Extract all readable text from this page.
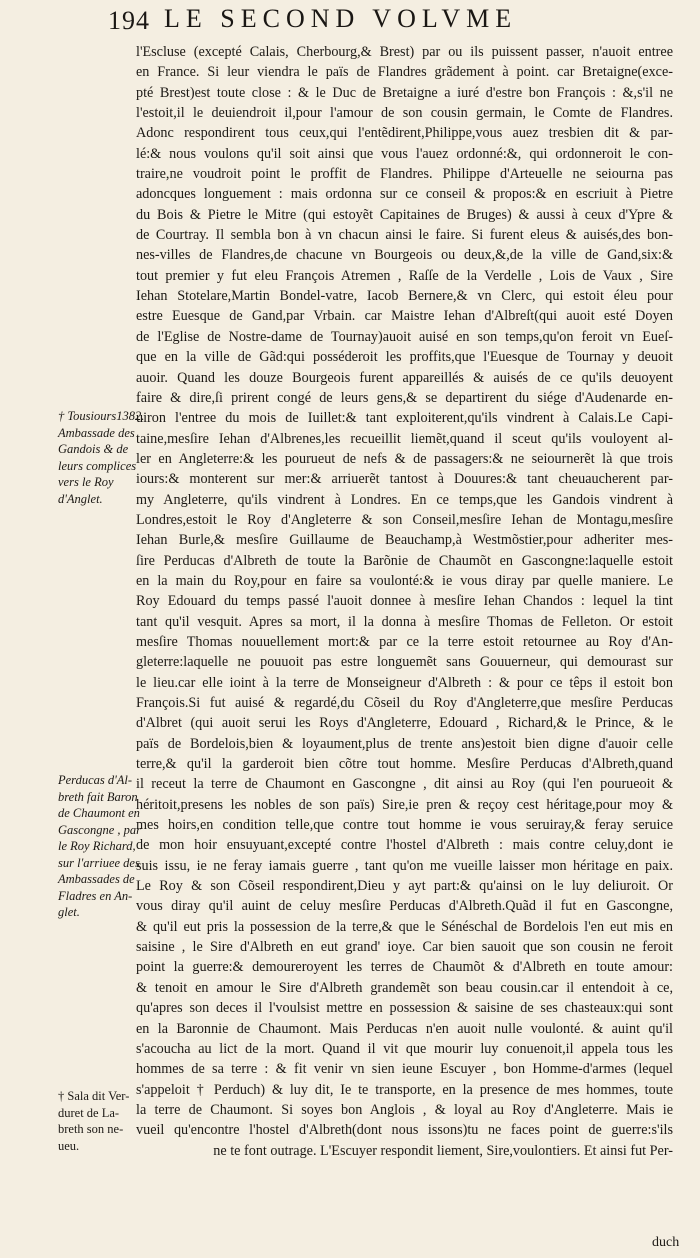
194 LE SECOND VOLVME
l'Escluse (excepté Calais, Cherbourg,& Brest) par ou ils puissent passer, n'auoit entree
en France. Si leur viendra le païs de Flandres grãdement à point. car Bretaigne(exce-
pté Brest)est toute close : & le Duc de Bretaigne a iuré d'estre bon François : &,s'il ne
l'estoit,il le deuiendroit il,pour l'amour de son cousin germain, le Comte de Flandres.
Adonc respondirent tous ceux,qui l'entẽdirent,Philippe,vous auez tresbien dit & par-
lé:& nous voulons qu'il soit ainsi que vous l'auez ordonné:&, qui ordonneroit le con-
traire,ne voudroit point le proffit de Flandres. Philippe d'Arteuelle ne seiourna pas
adoncques longuement : mais ordonna sur ce conseil & propos:& en escriuit à Pietre
du Bois & Pietre le Mitre (qui estoyẽt Capitaines de Bruges) & aussi à ceux d'Ypre &
de Courtray. Il sembla bon à vn chacun ainsi le faire. Si furent eleus & auisés,des bon-
nes-villes de Flandres,de chacune vn Bourgeois ou deux,&,de la ville de Gand,six:&
tout premier y fut eleu François Atremen , Raſſe de la Verdelle , Lois de Vaux , Sire
Iehan Stotelare,Martin Bondel-vatre, Iacob Bernere,& vn Clerc, qui estoit éleu pour
estre Euesque de Gand,par Vrbain. car Maistre Iehan d'Albreſt(qui auoit esté Doyen
de l'Eglise de Nostre-dame de Tournay)auoit auisé en son temps,qu'on feroit vn Eueſ-
que en la ville de Gãd:qui posséderoit les proffits,que l'Euesque de Tournay y deuoit
auoir. Quand les douze Bourgeois furent appareillés & auisés de ce qu'ils deuoyent
faire & dire,ſi prirent congé de leurs gens,& se departirent du siége d'Audenarde en-
uiron l'entree du mois de Iuillet:& tant exploiterent,qu'ils vindrent à Calais.Le Capi-
taine,mesſire Iehan d'Albrenes,les recueillit liemẽt,quand il sceut qu'ils vouloyent al-
ler en Angleterre:& les pourueut de nefs & de passagers:& ne seiournerẽt là que trois
iours:& monterent sur mer:& arriuerẽt tantost à Douures:& tant cheuaucherent par-
my Angleterre, qu'ils vindrent à Londres. En ce temps,que les Gandois vindrent à
Londres,estoit le Roy d'Angleterre & son Conseil,mesſire Iehan de Montagu,mesſire
Iehan Burle,& mesſire Guillaume de Beauchamp,à Westmõstier,pour adheriter mes-
ſire Perducas d'Albreth de toute la Barõnie de Chaumõt en Gascongne:laquelle estoit
en la main du Roy,pour en faire sa voulonté:& ie vous diray par quelle maniere. Le
Roy Edouard du temps passé l'auoit donnee à mesſire Iehan Chandos : lequel la tint
tant qu'il vesquit. Apres sa mort, il la donna à mesſire Thomas de Felleton. Or estoit
mesſire Thomas nouuellement mort:& par ce la terre estoit retournee au Roy d'An-
gleterre:laquelle ne pouuoit pas estre longuemẽt sans Gouuerneur, qui demourast sur
le lieu.car elle ioint à la terre de Monseigneur d'Albreth : & pour ce têps il estoit bon
François.Si fut auisé & regardé,du Cõseil du Roy d'Angleterre,que mesſire Perducas
d'Albret (qui auoit serui les Roys d'Angleterre, Edouard , Richard,& le Prince, & le
païs de Bordelois,bien & loyaument,plus de trente ans)estoit bien digne d'auoir celle
terre,& qu'il la garderoit bien cõtre tout homme. Mesſire Perducas d'Albreth,quand
il receut la terre de Chaumont en Gascongne , dit ainsi au Roy (qui l'en pourueoit &
héritoit,presens les nobles de son païs) Sire,ie pren & reçoy cest héritage,pour moy &
mes hoirs,en condition telle,que contre tout homme ie vous seruiray,& feray seruice
de mon hoir ensuyuant,excepté contre l'hostel d'Albreth : mais contre celuy,dont ie
suis issu, ie ne feray iamais guerre , tant qu'on me vueille laisser mon héritage en paix.
Le Roy & son Cõseil respondirent,Dieu y ayt part:& qu'ainsi on le luy deliuroit. Or
vous diray qu'il auint de celuy mesſire Perducas d'Albreth.Quãd il fut en Gascongne,
& qu'il eut pris la possession de la terre,& que le Sénéschal de Bordelois l'en eut mis en
saisine , le Sire d'Albreth en eut grand' ioye. Car bien sauoit que son cousin ne feroit
point la guerre:& demoureroyent les terres de Chaumõt & d'Albreth en toute amour:
& tenoit en amour le Sire d'Albreth grandemẽt son beau cousin.car il entendoit à ce,
qu'apres son deces il l'voulsist mettre en possession & saisine de ses chasteaux:qui sont
en la Baronnie de Chaumont. Mais Perducas n'en auoit nulle voulonté. & auint qu'il
s'acoucha au lict de la mort. Quand il vit que mourir luy conuenoit,il appela tous les
hommes de sa terre : & fit venir vn sien ieune Escuyer , bon Homme-d'armes (lequel
s'appeloit † Perduch) & luy dit, Ie te transporte, en la presence de mes hommes, toute
la terre de Chaumont. Si soyes bon Anglois , & loyal au Roy d'Angleterre. Mais ie
vueil qu'encontre l'hostel d'Albreth(dont nous issons)tu ne faces point de guerre:s'ils
ne te font outrage. L'Escuyer respondit liement, Sire,voulontiers. Et ainsi fut Per-
† Tousiours1382.
Ambassade des
Gandois & de
leurs complices
vers le Roy
d'Anglet.
Perducas d'Al-
breth fait Baron
de Chaumont en
Gascongne , par
le Roy Richard,
sur l'arriuee des
Ambassades de
Fladres en An-
glet.
† Sala dit Ver-
duret de La-
breth son ne-
ueu.
duch
